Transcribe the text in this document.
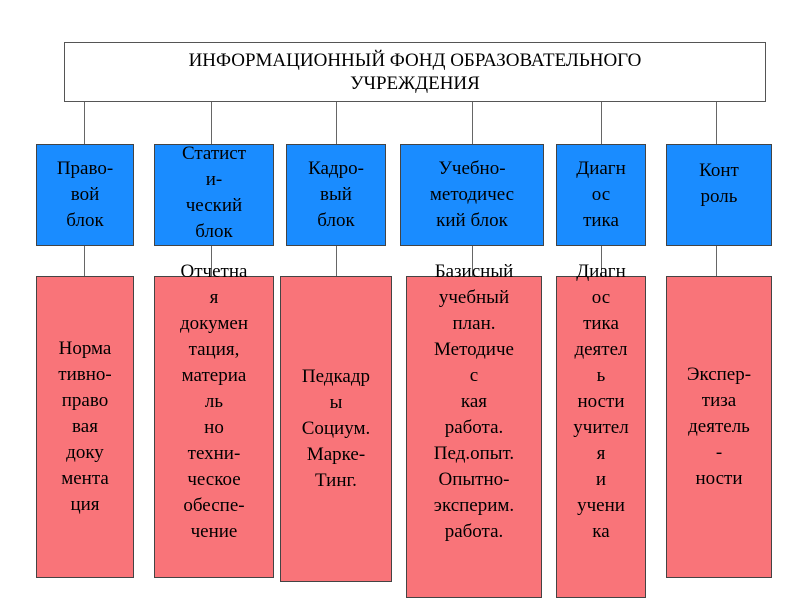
ИНФОРМАЦИОННЫЙ ФОНД ОБРАЗОВАТЕЛЬНОГО
УЧРЕЖДЕНИЯ
Право-
вой
блок
Статист
и-
ческий
блок
Кадро-
вый
блок
Учебно-
методичес
кий блок
Диагн
ос
тика
Конт
роль
Норма
тивно-
право
вая
доку
мента
ция
Отчетна
я
докумен
тация,
материа
ль
но
техни-
ческое
обеспе-
чение
Педкадр
ы
Социум.
Марке-
Тинг.
Базисный
учебный
план.
Методиче
с
кая
работа.
Пед.опыт.
Опытно-
эксперим.
работа.
Диагн
ос
тика
деятел
ь
ности
учител
я
и
учени
ка
Экспер-
тиза
деятель
-
ности
